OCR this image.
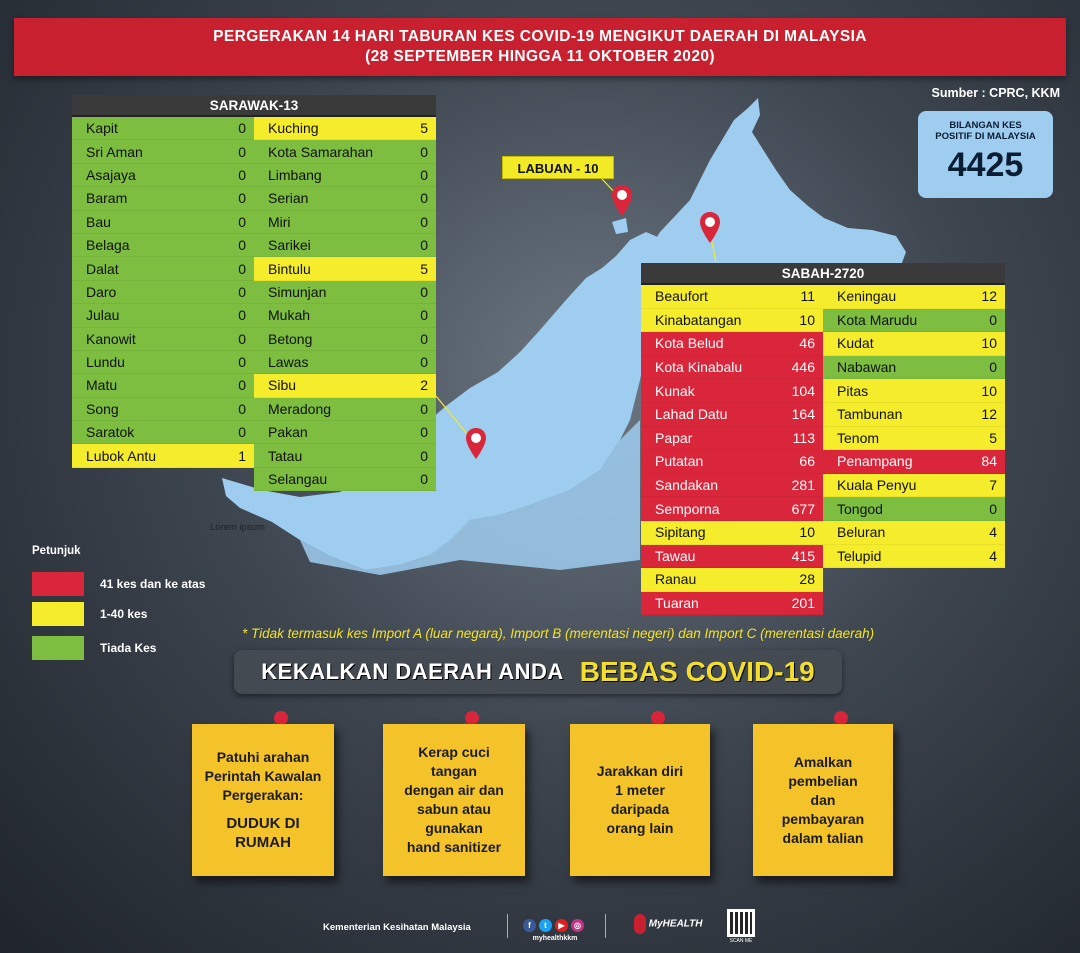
PERGERAKAN 14 HARI TABURAN KES COVID-19 MENGIKUT DAERAH DI MALAYSIA
(28 SEPTEMBER HINGGA 11 OKTOBER 2020)
Sumber : CPRC, KKM
BILANGAN KES
POSITIF DI MALAYSIA
4425
Lorem ipsum
LABUAN - 10
SARAWAK-13
Kapit	0
Sri Aman	0
Asajaya	0
Baram	0
Bau	0
Belaga	0
Dalat	0
Daro	0
Julau	0
Kanowit	0
Lundu	0
Matu	0
Song	0
Saratok	0
Lubok Antu	1
Kuching	5
Kota Samarahan	0
Limbang	0
Serian	0
Miri	0
Sarikei	0
Bintulu	5
Simunjan	0
Mukah	0
Betong	0
Lawas	0
Sibu	2
Meradong	0
Pakan	0
Tatau	0
Selangau	0
SABAH-2720
Beaufort	11
Kinabatangan	10
Kota Belud	46
Kota Kinabalu	446
Kunak	104
Lahad Datu	164
Papar	113
Putatan	66
Sandakan	281
Semporna	677
Sipitang	10
Tawau	415
Ranau	28
Tuaran	201
Keningau	12
Kota Marudu	0
Kudat	10
Nabawan	0
Pitas	10
Tambunan	12
Tenom	5
Penampang	84
Kuala Penyu	7
Tongod	0
Beluran	4
Telupid	4
Petunjuk
41 kes dan ke atas
1-40 kes
Tiada Kes
* Tidak termasuk kes Import A (luar negara), Import B (merentasi negeri) dan Import C (merentasi daerah)
KEKALKAN DAERAH ANDA BEBAS COVID-19
Patuhi arahan
Perintah Kawalan
Pergerakan:
DUDUK DI
RUMAH
Kerap cuci
tangan
dengan air dan
sabun atau
gunakan
hand sanitizer
Jarakkan diri
1 meter
daripada
orang lain
Amalkan
pembelian
dan
pembayaran
dalam talian
Kementerian Kesihatan Malaysia	f t ▶ ◎
myhealthkkm
MyHEALTH
SCAN ME
